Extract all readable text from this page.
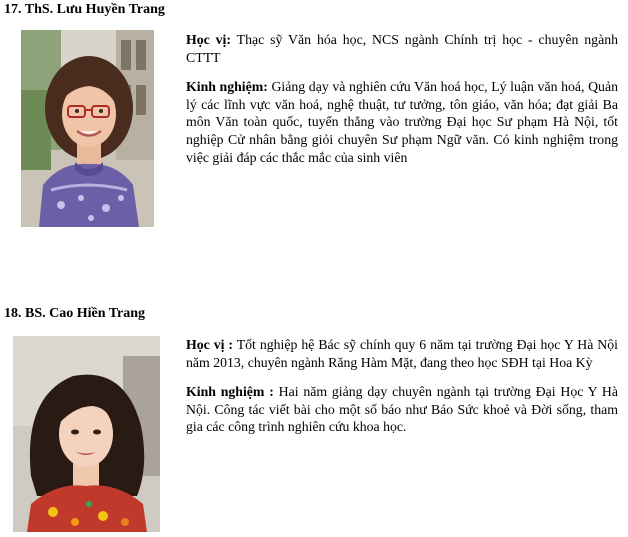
17. ThS. Lưu Huyền Trang

Học vị: Thạc sỹ Văn hóa học, NCS ngành Chính trị học - chuyên ngành CTTT

Kinh nghiệm: Giảng dạy và nghiên cứu Văn hoá học, Lý luận văn hoá, Quản lý các lĩnh vực văn hoá, nghệ thuật, tư tưởng, tôn giáo, văn hóa; đạt giải Ba môn Văn toàn quốc, tuyển thẳng vào trường Đại học Sư phạm Hà Nội, tốt nghiệp Cử nhân bằng giỏi chuyên Sư phạm Ngữ văn. Có kinh nghiệm trong việc giải đáp các thắc mắc của sinh viên

18. BS. Cao Hiền Trang

Học vị : Tốt nghiệp hệ Bác sỹ chính quy 6 năm tại trường Đại học Y Hà Nội năm 2013, chuyên ngành Răng Hàm Mặt, đang theo học SĐH tại Hoa Kỳ

Kinh nghiệm : Hai năm giảng dạy chuyên ngành tại trường Đại Học Y Hà Nội. Công tác viết bài cho một số báo như Báo Sức khoẻ và Đời sống, tham gia các công trình nghiên cứu khoa học.
